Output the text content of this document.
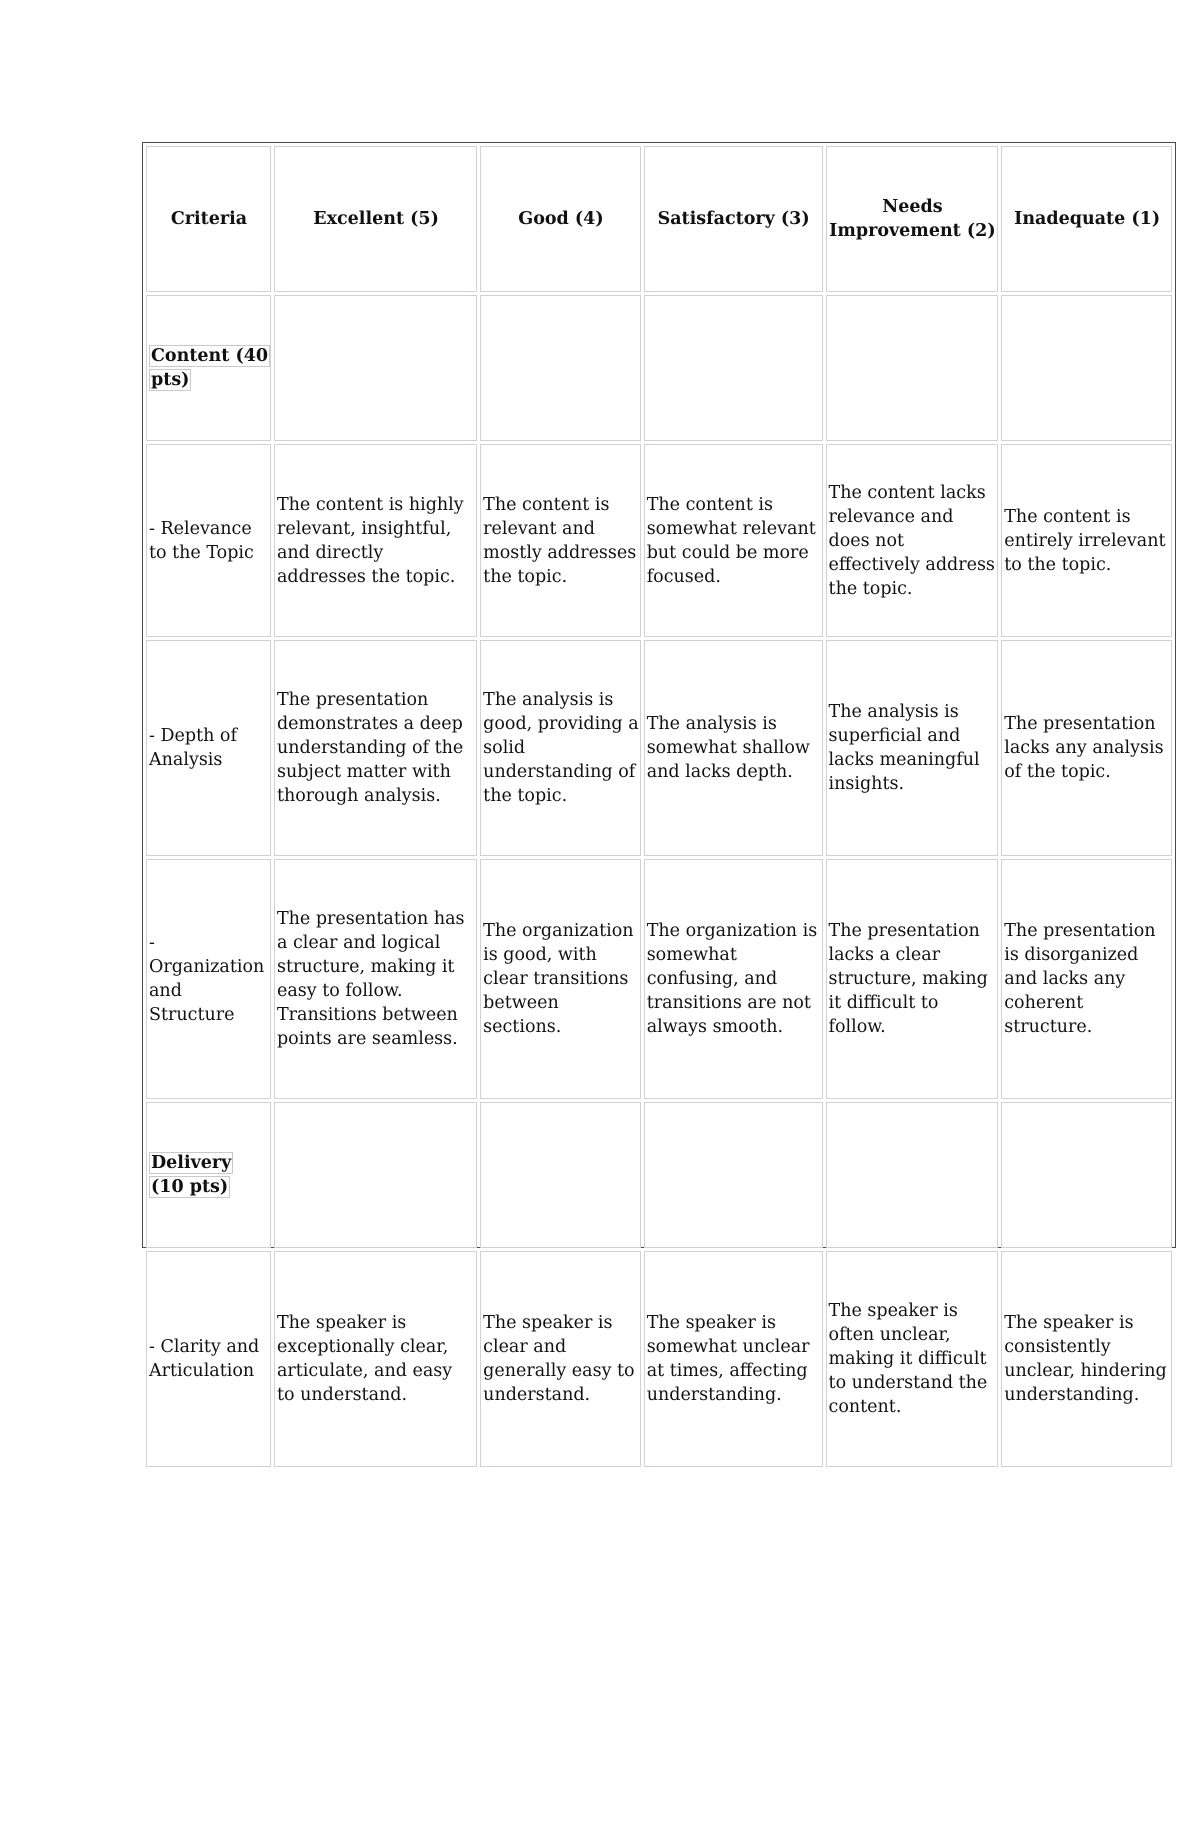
Criteria	Excellent (5)	Good (4)	Satisfactory (3)	Needs Improvement (2)	Inadequate (1)
Content (40 pts)					
- Relevance to the Topic	The content is highly relevant, insightful, and directly addresses the topic.	The content is relevant and mostly addresses the topic.	The content is somewhat relevant but could be more focused.	The content lacks relevance and does not effectively address the topic.	The content is entirely irrelevant to the topic.
- Depth of Analysis	The presentation demonstrates a deep understanding of the subject matter with thorough analysis.	The analysis is good, providing a solid understanding of the topic.	The analysis is somewhat shallow and lacks depth.	The analysis is superficial and lacks meaningful insights.	The presentation lacks any analysis of the topic.
- Organization and Structure	The presentation has a clear and logical structure, making it easy to follow. Transitions between points are seamless.	The organization is good, with clear transitions between sections.	The organization is somewhat confusing, and transitions are not always smooth.	The presentation lacks a clear structure, making it difficult to follow.	The presentation is disorganized and lacks any coherent structure.
Delivery (10 pts)					
- Clarity and Articulation	The speaker is exceptionally clear, articulate, and easy to understand.	The speaker is clear and generally easy to understand.	The speaker is somewhat unclear at times, affecting understanding.	The speaker is often unclear, making it difficult to understand the content.	The speaker is consistently unclear, hindering understanding.
